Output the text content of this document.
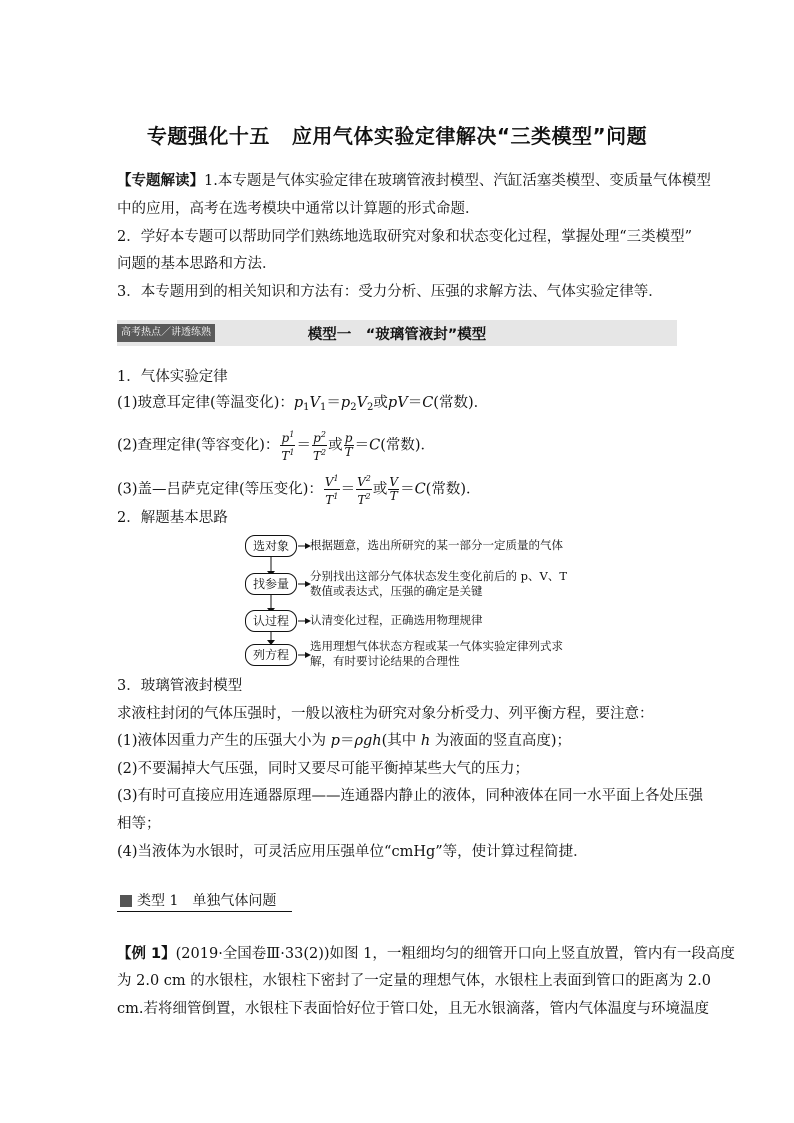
专题强化十五 应用气体实验定律解决“三类模型”问题
【专题解读】1.本专题是气体实验定律在玻璃管液封模型、汽缸活塞类模型、变质量气体模型
中的应用，高考在选考模块中通常以计算题的形式命题．
2．学好本专题可以帮助同学们熟练地选取研究对象和状态变化过程，掌握处理“三类模型”
问题的基本思路和方法．
3．本专题用到的相关知识和方法有：受力分析、压强的求解方法、气体实验定律等．
模型一　“玻璃管液封”模型
高考热点／讲透练熟
1．气体实验定律
(1)玻意耳定律(等温变化)：$p_1V_1=p_2V_2$或pV＝C(常数)．
(2)查理定律(等容变化)： $\frac{p^1}{T^1} = \frac{p^2}{T^2}$ 或 $\frac{p}{T} =C$(常数)．
(3)盖—吕萨克定律(等压变化)： $\frac{V^1}{T^1} = \frac{V^2}{T^2}$ 或 $\frac{V}{T} =C$(常数)．
2．解题基本思路
选对象	根据题意，选出所研究的某一部分一定质量的气体
找参量
分别找出这部分气体状态发生变化前后的 p、V、T
数值或表达式，压强的确定是关键
认过程	认清变化过程，正确选用物理规律
列方程
选用理想气体状态方程或某一气体实验定律列式求
解，有时要讨论结果的合理性
3．玻璃管液封模型
求液柱封闭的气体压强时，一般以液柱为研究对象分析受力、列平衡方程，要注意：
(1)液体因重力产生的压强大小为 p＝ρgh(其中 h 为液面的竖直高度)；
(2)不要漏掉大气压强，同时又要尽可能平衡掉某些大气的压力；
(3)有时可直接应用连通器原理——连通器内静止的液体，同种液体在同一水平面上各处压强
相等；
(4)当液体为水银时，可灵活应用压强单位“cmHg”等，使计算过程简捷．
类型 1　单独气体问题
【例 1】(2019·全国卷Ⅲ·33(2))如图 1，一粗细均匀的细管开口向上竖直放置，管内有一段高度
为 2.0 cm 的水银柱，水银柱下密封了一定量的理想气体，水银柱上表面到管口的距离为 2.0
cm.若将细管倒置，水银柱下表面恰好位于管口处，且无水银滴落，管内气体温度与环境温度
